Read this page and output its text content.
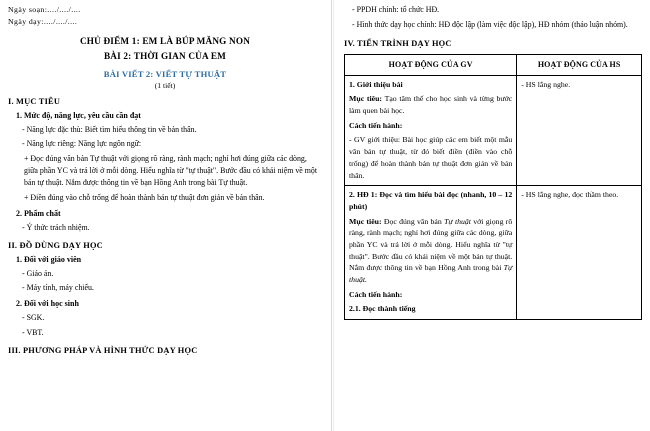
Ngày soạn:..../..../....
Ngày dạy:..../..../....
CHỦ ĐIỂM 1: EM LÀ BÚP MĂNG NON
BÀI 2: THỜI GIAN CỦA EM
BÀI VIẾT 2: VIẾT TỰ THUẬT
(1 tiết)
I. MỤC TIÊU
1. Mức độ, năng lực, yêu cầu cần đạt
- Năng lực đặc thù: Biết tìm hiểu thông tin về bản thân.
- Năng lực riêng: Năng lực ngôn ngữ:
+ Đọc đúng văn bản Tự thuật với giọng rõ ràng, rành mạch; nghỉ hơi đúng giữa các dòng, giữa phần YC và trả lời ở mỗi dòng. Hiểu nghĩa từ "tự thuật". Bước đầu có khái niệm về một bản tự thuật. Nắm được thông tin về bạn Hồng Anh trong bài Tự thuật.
+ Điền đúng vào chỗ trống để hoàn thành bản tự thuật đơn giản về bản thân.
2. Phẩm chất
- Ý thức trách nhiệm.
II. ĐỒ DÙNG DẠY HỌC
1. Đối với giáo viên
- Giáo án.
- Máy tính, máy chiếu.
2. Đối với học sinh
- SGK.
- VBT.
III. PHƯƠNG PHÁP VÀ HÌNH THỨC DẠY HỌC
- PPDH chính: tổ chức HĐ.
- Hình thức dạy học chính: HĐ độc lập (làm việc độc lập), HĐ nhóm (thảo luận nhóm).
IV. TIẾN TRÌNH DẠY HỌC
HOẠT ĐỘNG CỦA GV	HOẠT ĐỘNG CỦA HS

1. Giới thiệu bài

Mục tiêu: Tạo tâm thế cho học sinh và từng bước làm quen bài học.

Cách tiến hành:

- GV giới thiệu: Bài học giúp các em biết một mẫu văn bản tự thuật, từ đó biết điền (điền vào chỗ trống) để hoàn thành bản tự thuật đơn giản về bản thân.	- HS lắng nghe.

2. HĐ 1: Đọc và tìm hiểu bài đọc (nhanh, 10 – 12 phút)

Mục tiêu: Đọc đúng văn bản Tự thuật với giọng rõ ràng, rành mạch; nghỉ hơi đúng giữa các dòng, giữa phần YC và trả lời ở mỗi dòng. Hiểu nghĩa từ "tự thuật". Bước đầu có khái niệm về một bản tự thuật. Nắm được thông tin về bạn Hồng Anh trong bài Tự thuật.

Cách tiến hành:

2.1. Đọc thành tiếng	- HS lắng nghe, đọc thầm theo.
